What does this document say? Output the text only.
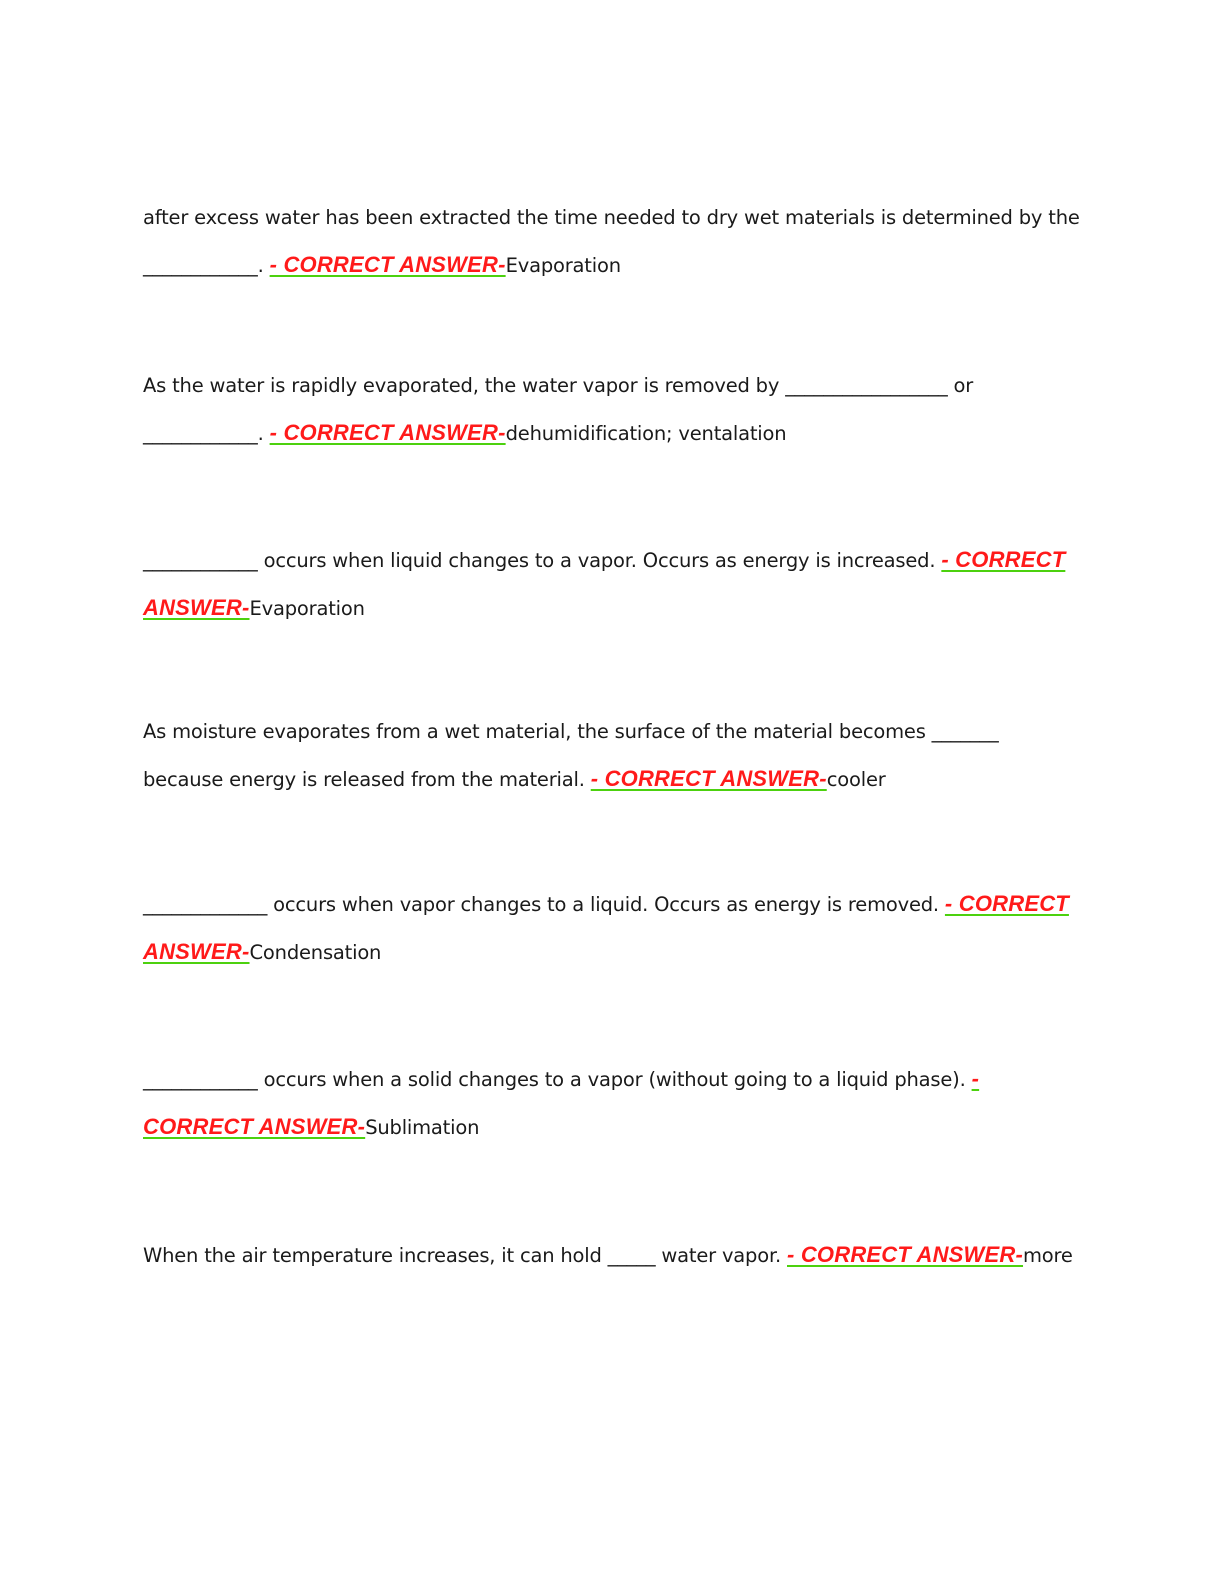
after excess water has been extracted the time needed to dry wet materials is determined by the ____________. - CORRECT ANSWER-Evaporation
As the water is rapidly evaporated, the water vapor is removed by _________________ or ____________. - CORRECT ANSWER-dehumidification; ventalation
____________ occurs when liquid changes to a vapor. Occurs as energy is increased. - CORRECT ANSWER-Evaporation
As moisture evaporates from a wet material, the surface of the material becomes _______ because energy is released from the material. - CORRECT ANSWER-cooler
_____________ occurs when vapor changes to a liquid. Occurs as energy is removed. - CORRECT ANSWER-Condensation
____________ occurs when a solid changes to a vapor (without going to a liquid phase). - CORRECT ANSWER-Sublimation
When the air temperature increases, it can hold _____ water vapor. - CORRECT ANSWER-more
